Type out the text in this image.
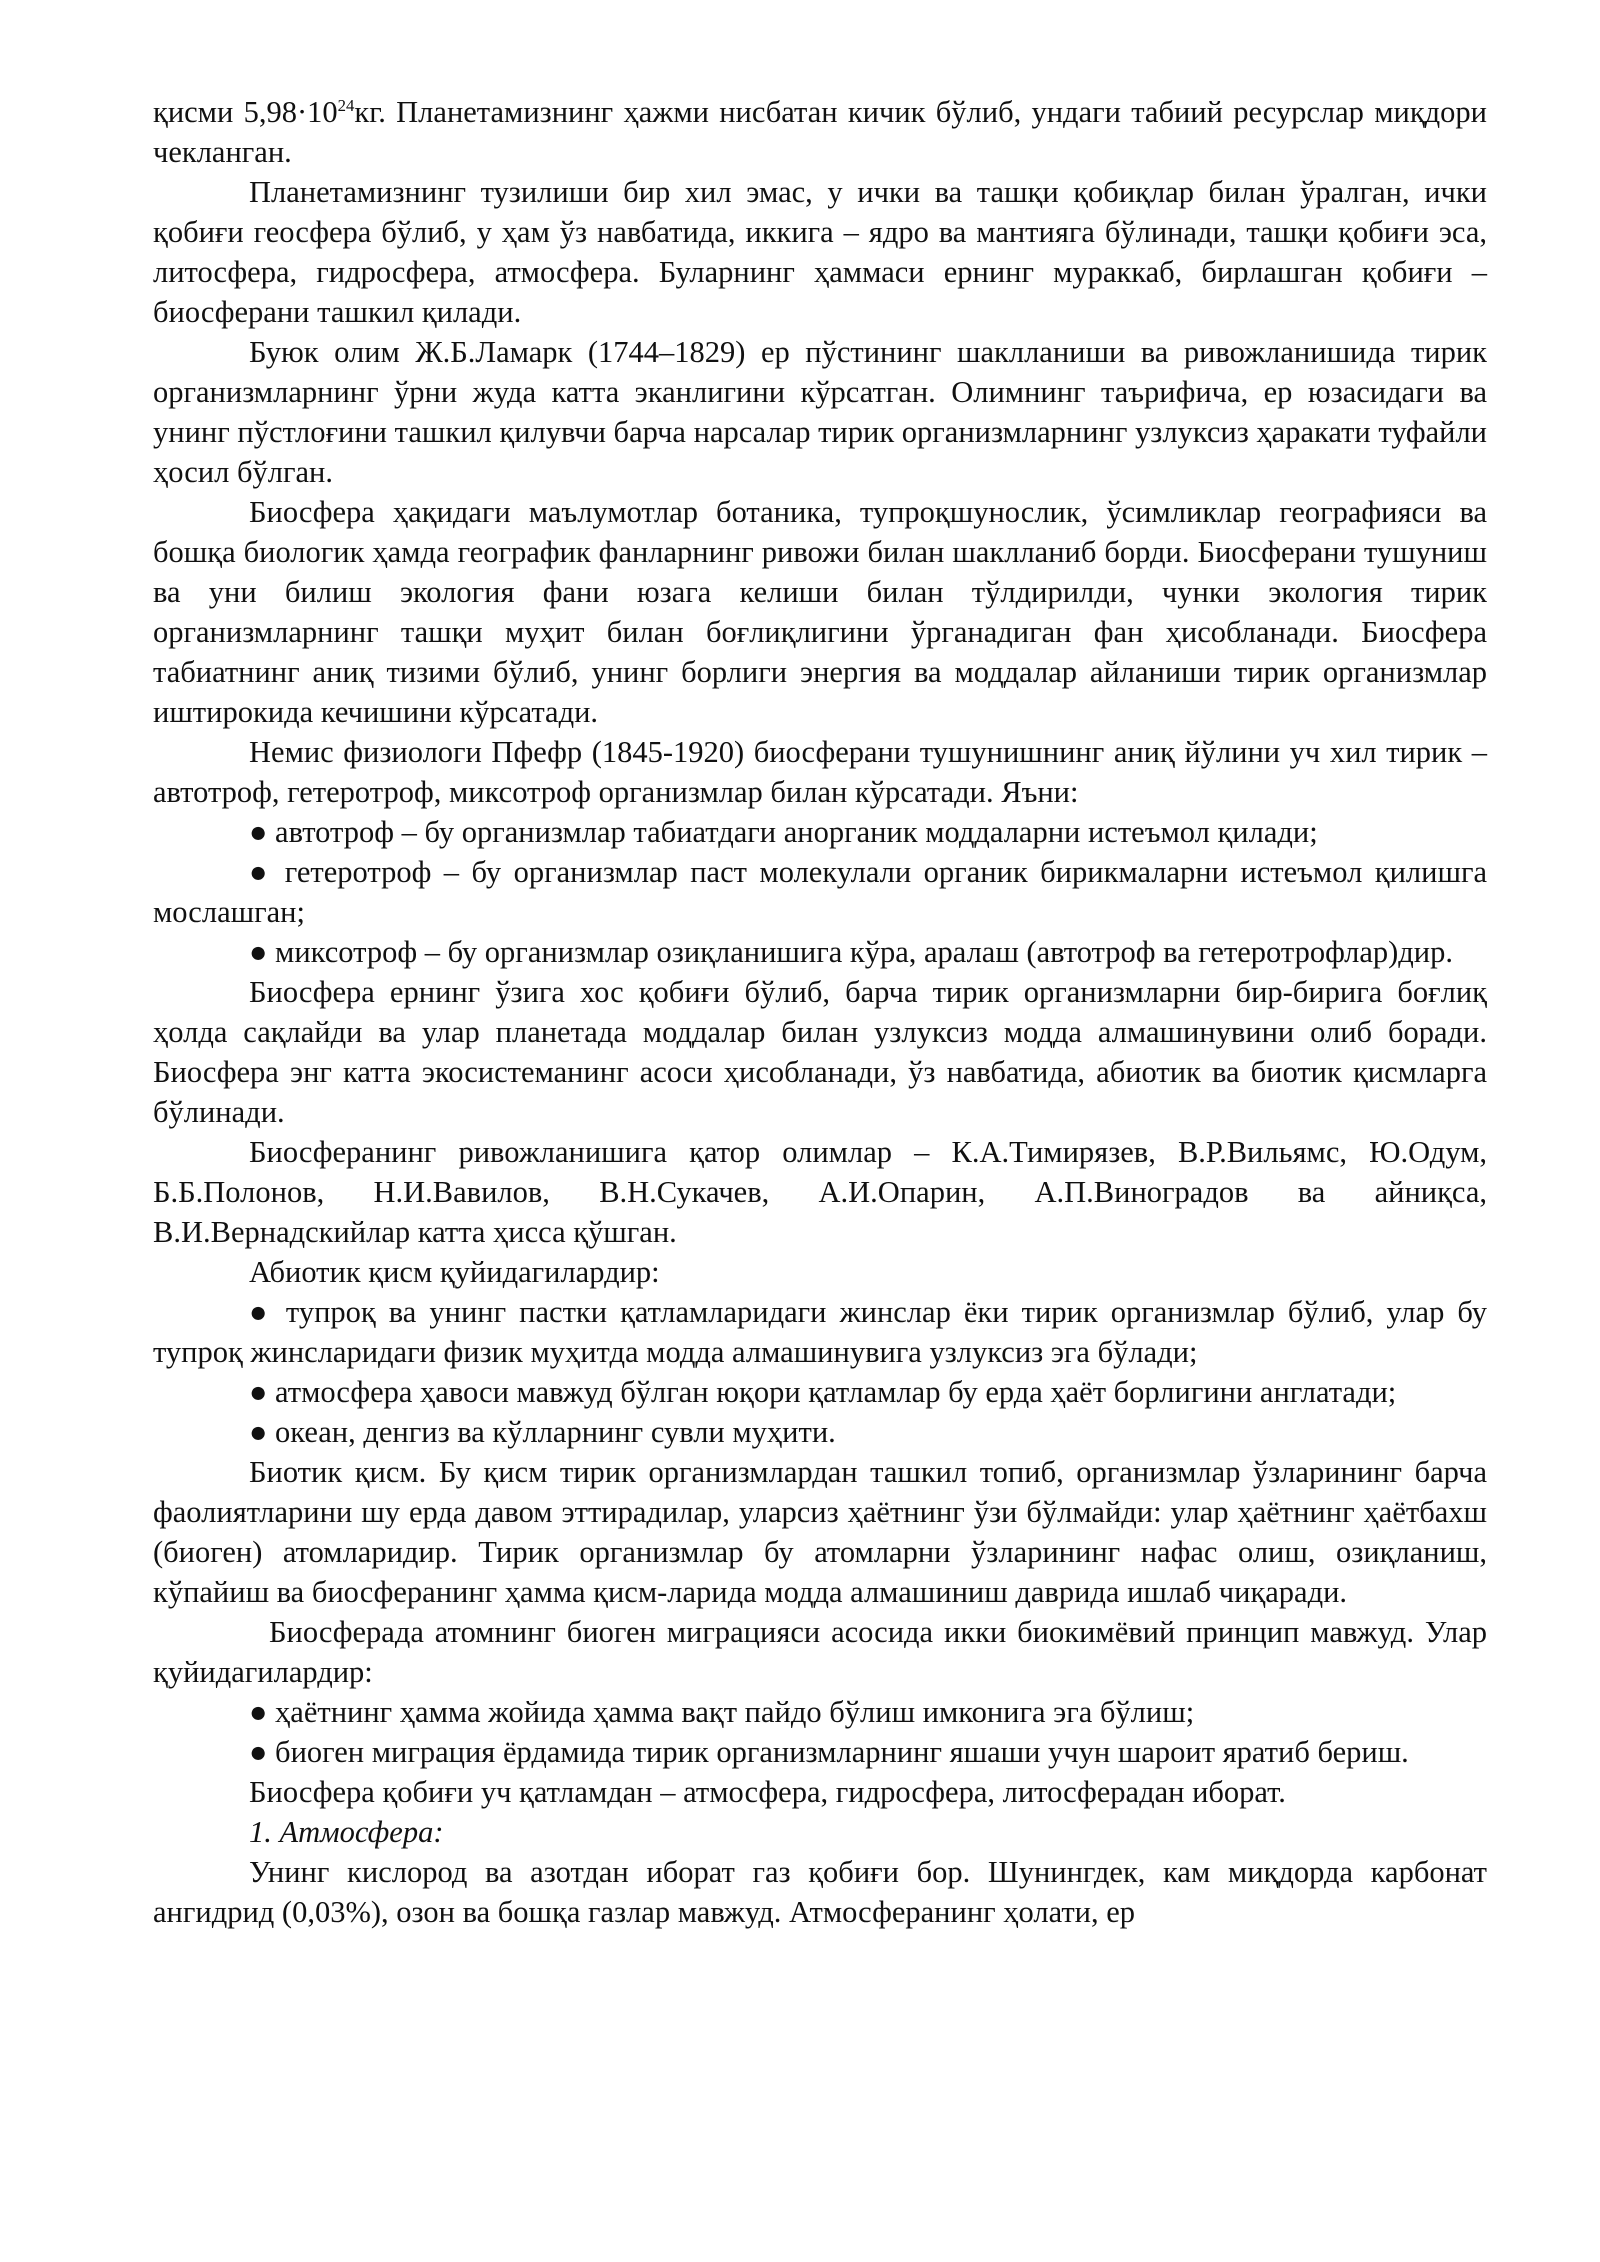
қисми $5,98\cdot 10^{24}кг$. Планетамизнинг ҳажми нисбатан кичик бўлиб, ундаги табиий ресурслар миқдори чекланган.

Планетамизнинг тузилиши бир хил эмас, у ички ва ташқи қобиқлар билан ўралган, ички қобиғи геосфера бўлиб, у ҳам ўз навбатида, иккига – ядро ва мантияга бўлинади, ташқи қобиғи эса, литосфера, гидросфера, атмосфера. Буларнинг ҳаммаси ернинг мураккаб, бирлашган қобиғи – биосферани ташкил қилади.

Буюк олим Ж.Б.Ламарк (1744–1829) ер пўстининг шаклланиши ва ривожланишида тирик организмларнинг ўрни жуда катта эканлигини кўрсатган. Олимнинг таърифича, ер юзасидаги ва унинг пўстлоғини ташкил қилувчи барча нарсалар тирик организмларнинг узлуксиз ҳаракати туфайли ҳосил бўлган.

Биосфера ҳақидаги маълумотлар ботаника, тупроқшунослик, ўсимликлар географияси ва бошқа биологик ҳамда географик фанларнинг ривожи билан шаклланиб борди. Биосферани тушуниш ва уни билиш экология фани юзага келиши билан тўлдирилди, чунки экология тирик организмларнинг ташқи муҳит билан боғлиқлигини ўрганадиган фан ҳисобланади. Биосфера табиатнинг аниқ тизими бўлиб, унинг борлиги энергия ва моддалар айланиши тирик организмлар иштирокида кечишини кўрсатади.

Немис физиологи Пфефр (1845-1920) биосферани тушунишнинг аниқ йўлини уч хил тирик – автотроф, гетеротроф, миксотроф организмлар билан кўрсатади. Яъни:

● автотроф – бу организмлар табиатдаги анорганик моддаларни истеъмол қилади;

● гетеротроф – бу организмлар паст молекулали органик бирикмаларни истеъмол қилишга мослашган;

● миксотроф – бу организмлар озиқланишига кўра, аралаш (автотроф ва гетеротрофлар)дир.

Биосфера ернинг ўзига хос қобиғи бўлиб, барча тирик организмларни бир-бирига боғлиқ ҳолда сақлайди ва улар планетада моддалар билан узлуксиз модда алмашинувини олиб боради. Биосфера энг катта экосистеманинг асоси ҳисобланади, ўз навбатида, абиотик ва биотик қисмларга бўлинади.

Биосферанинг ривожланишига қатор олимлар – К.А.Тимирязев, В.Р.Вильямс, Ю.Одум, Б.Б.Полонов, Н.И.Вавилов, В.Н.Сукачев, А.И.Опарин, А.П.Виноградов ва айниқса, В.И.Вернадскийлар катта ҳисса қўшган.

Абиотик қисм қуйидагилардир:

● тупроқ ва унинг пастки қатламларидаги жинслар ёки тирик организмлар бўлиб, улар бу тупроқ жинсларидаги физик муҳитда модда алмашинувига узлуксиз эга бўлади;

● атмосфера ҳавоси мавжуд бўлган юқори қатламлар бу ерда ҳаёт борлигини англатади;

● океан, денгиз ва кўлларнинг сувли муҳити.

Биотик қисм. Бу қисм тирик организмлардан ташкил топиб, организмлар ўзларининг барча фаолиятларини шу ерда давом эттирадилар, уларсиз ҳаётнинг ўзи бўлмайди: улар ҳаётнинг ҳаётбахш (биоген) атомларидир. Тирик организмлар бу атомларни ўзларининг нафас олиш, озиқланиш, кўпайиш ва биосферанинг ҳамма қисм-ларида модда алмашиниш даврида ишлаб чиқаради.

Биосферада атомнинг биоген миграцияси асосида икки биокимёвий принцип мавжуд. Улар қуйидагилардир:

● ҳаётнинг ҳамма жойида ҳамма вақт пайдо бўлиш имконига эга бўлиш;

● биоген миграция ёрдамида тирик организмларнинг яшаши учун шароит яратиб бериш.

Биосфера қобиғи уч қатламдан – атмосфера, гидросфера, литосферадан иборат.

1. Атмосфера:

Унинг кислород ва азотдан иборат газ қобиғи бор. Шунингдек, кам миқдорда карбонат ангидрид (0,03%), озон ва бошқа газлар мавжуд. Атмосферанинг ҳолати, ер
